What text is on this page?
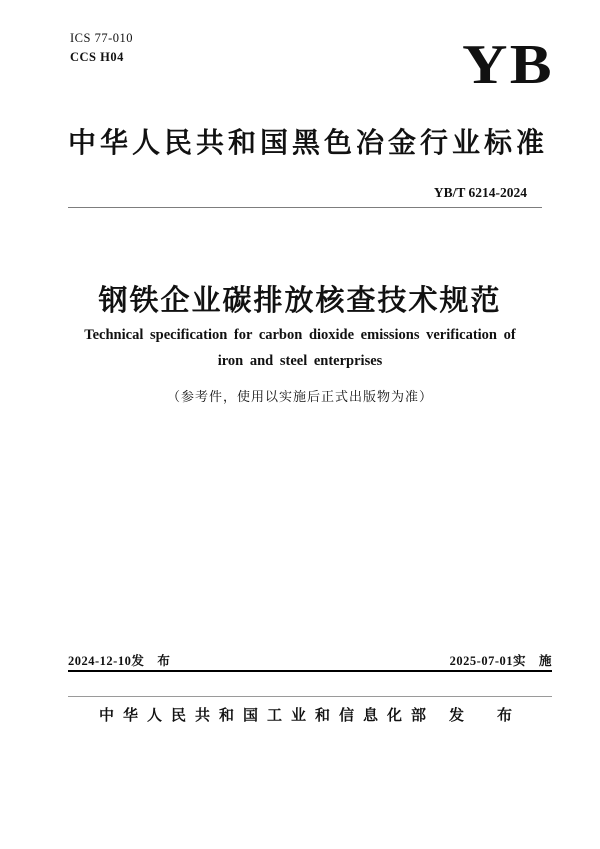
ICS 77-010
CCS H04	YB
中华人民共和国黑色冶金行业标准
YB/T 6214-2024
钢铁企业碳排放核查技术规范
Technical specification for carbon dioxide emissions verification of
iron and steel enterprises
（参考件，使用以实施后正式出版物为准）
2024-12-10发　布	2025-07-01实　施
中华人民共和国工业和信息化部 发　布
